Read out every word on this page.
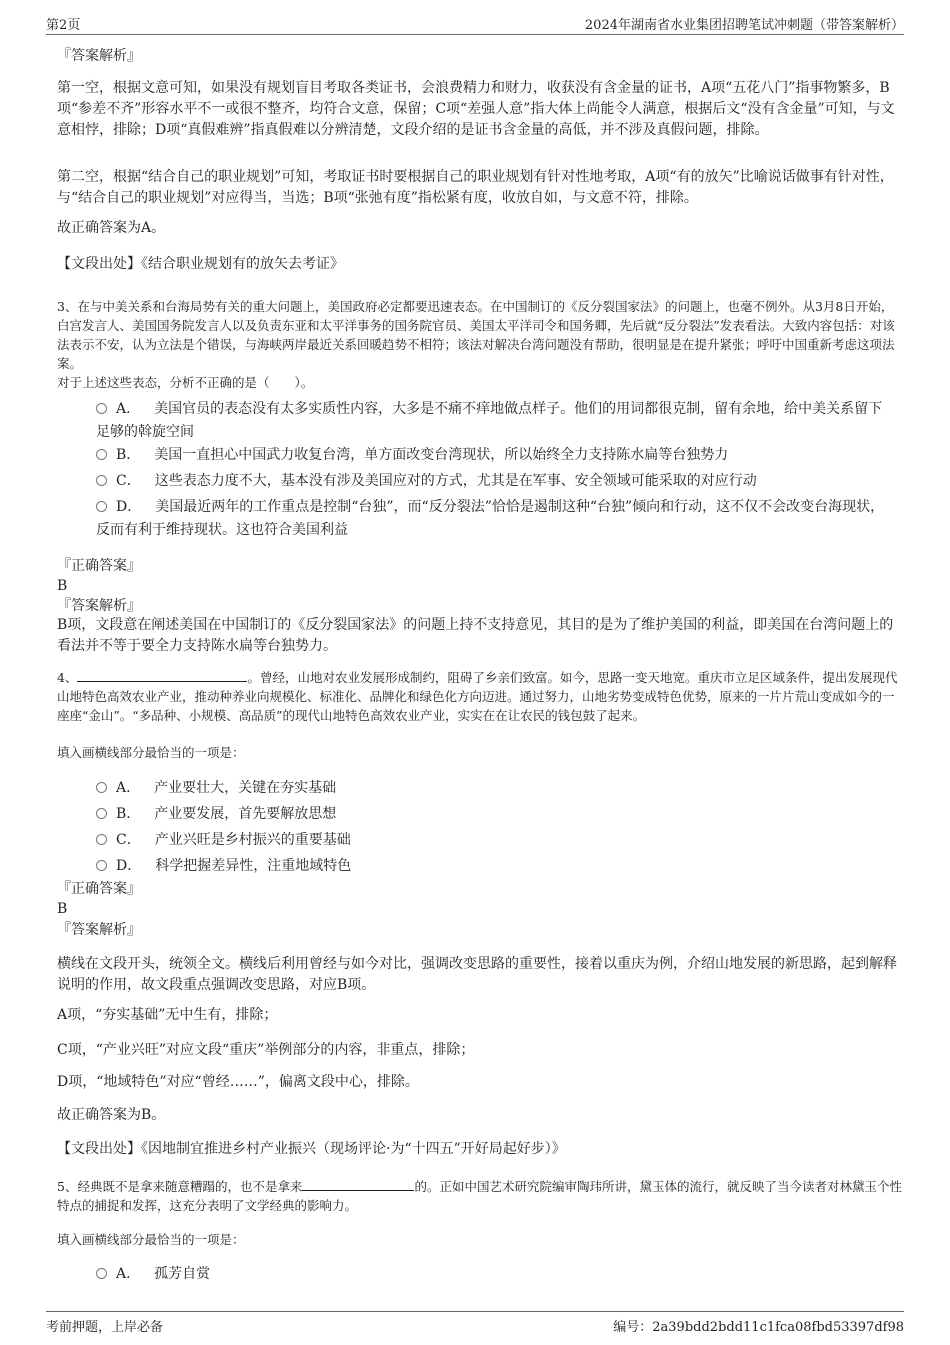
第2页	2024年湖南省水业集团招聘笔试冲刺题（带答案解析）
『答案解析』
第一空，根据文意可知，如果没有规划盲目考取各类证书，会浪费精力和财力，收获没有含金量的证书，A项“五花八门”指事物繁多，B项“参差不齐”形容水平不一或很不整齐，均符合文意，保留；C项“差强人意”指大体上尚能令人满意，根据后文“没有含金量”可知，与文意相悖，排除；D项“真假难辨”指真假难以分辨清楚，文段介绍的是证书含金量的高低，并不涉及真假问题，排除。
第二空，根据“结合自己的职业规划”可知，考取证书时要根据自己的职业规划有针对性地考取，A项“有的放矢”比喻说话做事有针对性，与“结合自己的职业规划”对应得当，当选；B项“张弛有度”指松紧有度，收放自如，与文意不符，排除。
故正确答案为A。
【文段出处】《结合职业规划有的放矢去考证》
3、在与中美关系和台海局势有关的重大问题上，美国政府必定都要迅速表态。在中国制订的《反分裂国家法》的问题上，也毫不例外。从3月8日开始，白宫发言人、美国国务院发言人以及负责东亚和太平洋事务的国务院官员、美国太平洋司令和国务卿，先后就“反分裂法”发表看法。大致内容包括：对该法表示不安，认为立法是个错误，与海峡两岸最近关系回暖趋势不相符；该法对解决台湾问题没有帮助，很明显是在提升紧张；呼吁中国重新考虑这项法案。
对于上述这些表态，分析不正确的是（　　）。
A． 美国官员的表态没有太多实质性内容，大多是不痛不痒地做点样子。他们的用词都很克制，留有余地，给中美关系留下足够的斡旋空间
B． 美国一直担心中国武力收复台湾，单方面改变台湾现状，所以始终全力支持陈水扁等台独势力
C． 这些表态力度不大，基本没有涉及美国应对的方式，尤其是在军事、安全领域可能采取的对应行动
D． 美国最近两年的工作重点是控制“台独”，而“反分裂法”恰恰是遏制这种“台独”倾向和行动，这不仅不会改变台海现状，反而有利于维持现状。这也符合美国利益
『正确答案』
B
『答案解析』
B项，文段意在阐述美国在中国制订的《反分裂国家法》的问题上持不支持意见，其目的是为了维护美国的利益，即美国在台湾问题上的看法并不等于要全力支持陈水扁等台独势力。
4、	。曾经，山地对农业发展形成制约，阻碍了乡亲们致富。如今，思路一变天地宽。重庆市立足区域条件，提出发展现代山地特色高效农业产业，推动种养业向规模化、标准化、品牌化和绿色化方向迈进。通过努力，山地劣势变成特色优势，原来的一片片荒山变成如今的一座座“金山”。“多品种、小规模、高品质”的现代山地特色高效农业产业，实实在在让农民的钱包鼓了起来。
填入画横线部分最恰当的一项是：
A． 产业要壮大，关键在夯实基础
B． 产业要发展，首先要解放思想
C． 产业兴旺是乡村振兴的重要基础
D． 科学把握差异性，注重地域特色
『正确答案』
B
『答案解析』
横线在文段开头，统领全文。横线后利用曾经与如今对比，强调改变思路的重要性，接着以重庆为例，介绍山地发展的新思路，起到解释说明的作用，故文段重点强调改变思路，对应B项。
A项，“夯实基础”无中生有，排除；
C项，“产业兴旺”对应文段“重庆”举例部分的内容，非重点，排除；
D项，“地域特色”对应“曾经……”，偏离文段中心，排除。
故正确答案为B。
【文段出处】《因地制宜推进乡村产业振兴（现场评论·为“十四五”开好局起好步）》
5、经典既不是拿来随意糟蹋的，也不是拿来	的。正如中国艺术研究院编审陶玮所讲，黛玉体的流行，就反映了当今读者对林黛玉个性特点的捕捉和发挥，这充分表明了文学经典的影响力。
填入画横线部分最恰当的一项是：
A． 孤芳自赏
考前押题，上岸必备	编号：2a39bdd2bdd11c1fca08fbd53397df98
